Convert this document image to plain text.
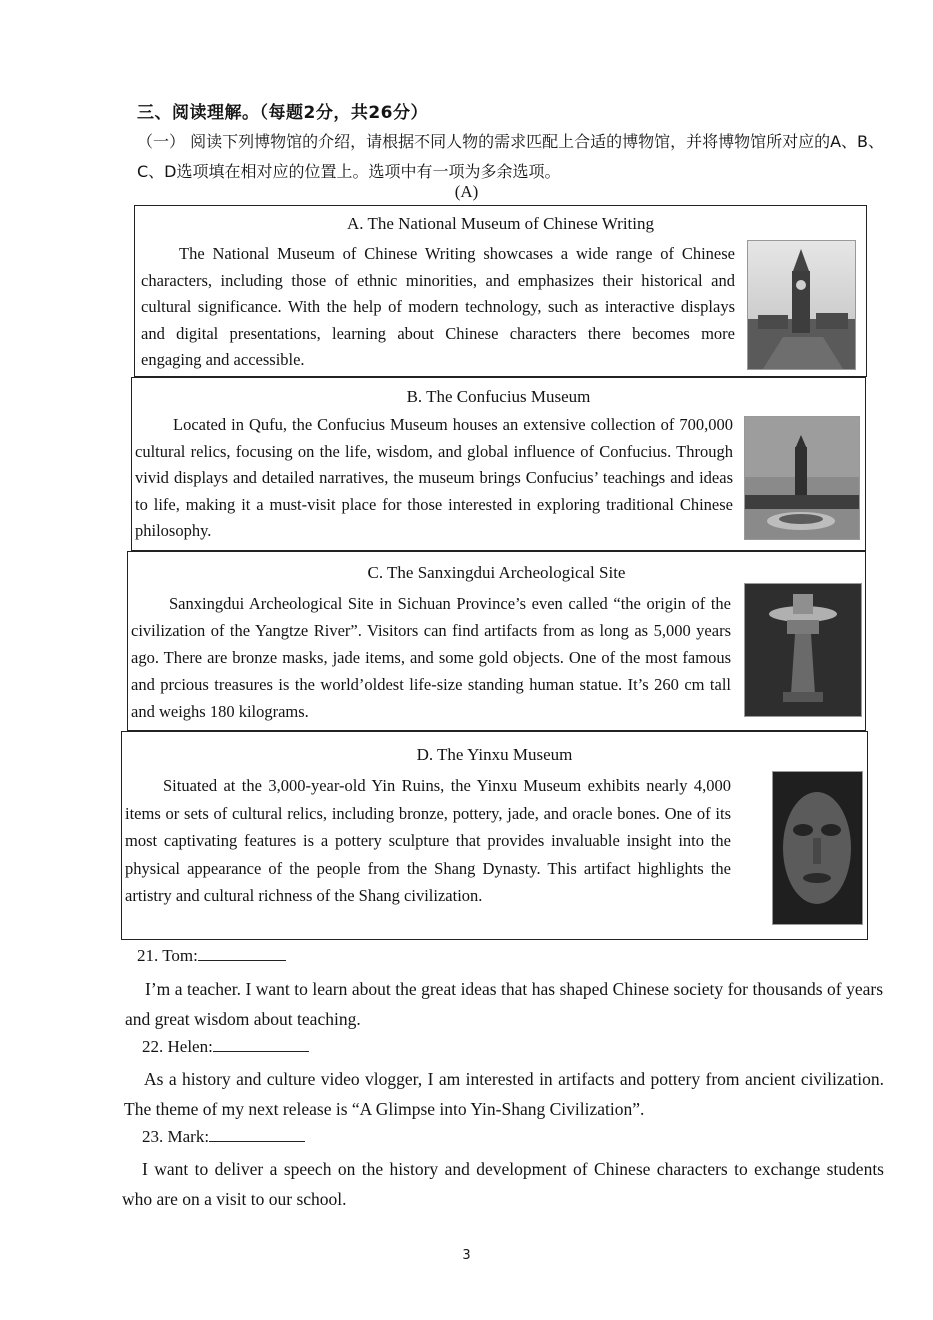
三、阅读理解。（每题2分，共26分）
（一） 阅读下列博物馆的介绍，请根据不同人物的需求匹配上合适的博物馆，并将博物馆所对应的A、B、C、D选项填在相对应的位置上。选项中有一项为多余选项。
(A)
A. The National Museum of Chinese Writing
The National Museum of Chinese Writing showcases a wide range of Chinese characters, including those of ethnic minorities, and emphasizes their historical and cultural significance. With the help of modern technology, such as interactive displays and digital presentations, learning about Chinese characters there becomes more engaging and accessible.
B. The Confucius Museum
Located in Qufu, the Confucius Museum houses an extensive collection of 700,000 cultural relics, focusing on the life, wisdom, and global influence of Confucius. Through vivid displays and detailed narratives, the museum brings Confucius’ teachings and ideas to life, making it a must-visit place for those interested in exploring traditional Chinese philosophy.
C. The Sanxingdui Archeological Site
Sanxingdui Archeological Site in Sichuan Province’s even called “the origin of the civilization of the Yangtze River”. Visitors can find artifacts from as long as 5,000 years ago. There are bronze masks, jade items, and some gold objects. One of the most famous and prcious treasures is the world’oldest life-size standing human statue. It’s 260 cm tall and weighs 180 kilograms.
D. The Yinxu Museum
Situated at the 3,000-year-old Yin Ruins, the Yinxu Museum exhibits nearly 4,000 items or sets of cultural relics, including bronze, pottery, jade, and oracle bones. One of its most captivating features is a pottery sculpture that provides invaluable insight into the physical appearance of the people from the Shang Dynasty. This artifact highlights the artistry and cultural richness of the Shang civilization.
21. Tom:
I’m a teacher. I want to learn about the great ideas that has shaped Chinese society for thousands of years and great wisdom about teaching.
22. Helen:
As a history and culture video vlogger, I am interested in artifacts and pottery from ancient civilization. The theme of my next release is “A Glimpse into Yin-Shang Civilization”.
23. Mark:
I want to deliver a speech on the history and development of Chinese characters to exchange students who are on a visit to our school.
3
